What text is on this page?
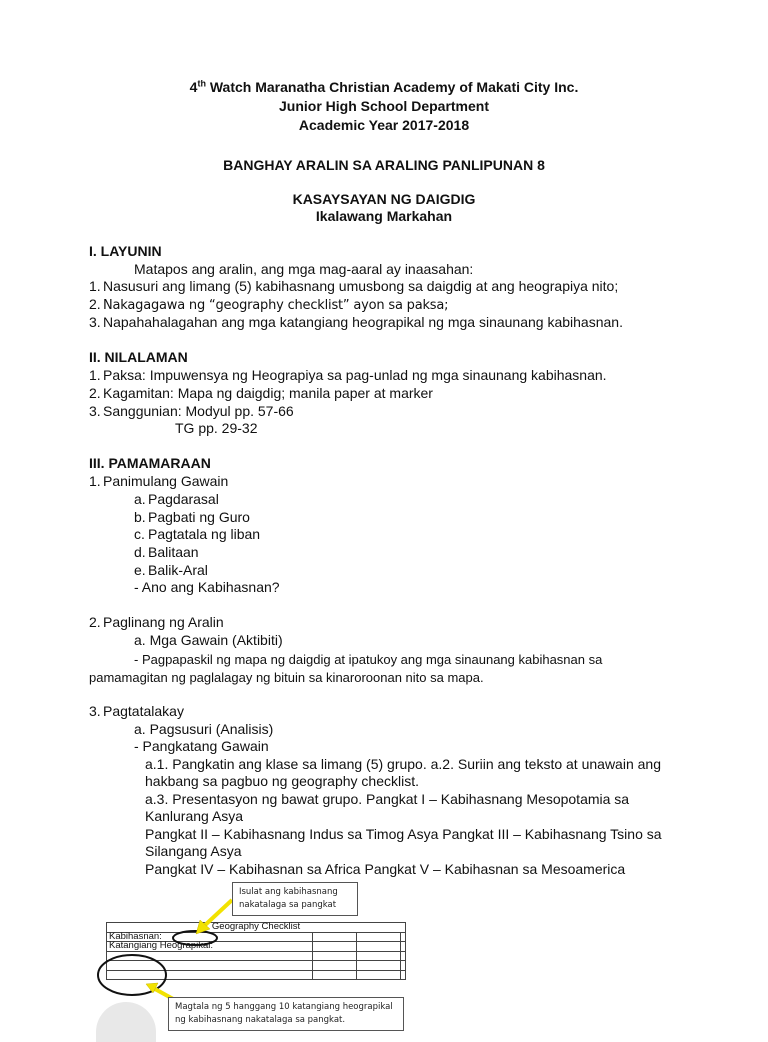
4th Watch Maranatha Christian Academy of Makati City Inc.
Junior High School Department
Academic Year 2017-2018
BANGHAY ARALIN SA ARALING PANLIPUNAN 8
KASAYSAYAN NG DAIGDIG
Ikalawang Markahan
I. LAYUNIN
Matapos ang aralin, ang mga mag-aaral ay inaasahan:
1. Nasusuri ang limang (5) kabihasnang umusbong sa daigdig at ang heograpiya nito;
2. Nakagagawa ng “geography checklist” ayon sa paksa;
3. Napahahalagahan ang mga katangiang heograpikal ng mga sinaunang kabihasnan.
II. NILALAMAN
1. Paksa: Impuwensya ng Heograpiya sa pag-unlad ng mga sinaunang kabihasnan.
2. Kagamitan: Mapa ng daigdig; manila paper at marker
3. Sanggunian: Modyul pp. 57-66
TG pp. 29-32
III. PAMAMARAAN
1. Panimulang Gawain
a. Pagdarasal
b. Pagbati ng Guro
c. Pagtatala ng liban
d. Balitaan
e. Balik-Aral
- Ano ang Kabihasnan?
2. Paglinang ng Aralin
a. Mga Gawain (Aktibiti)
- Pagpapaskil ng mapa ng daigdig at ipatukoy ang mga sinaunang kabihasnan sa
pamamagitan ng paglalagay ng bituin sa kinaroroonan nito sa mapa.
3. Pagtatalakay
a. Pagsusuri (Analisis)
- Pangkatang Gawain
a.1. Pangkatin ang klase sa limang (5) grupo. a.2. Suriin ang teksto at unawain ang
hakbang sa pagbuo ng geography checklist.
a.3. Presentasyon ng bawat grupo. Pangkat I – Kabihasnang Mesopotamia sa
Kanlurang Asya
Pangkat II – Kabihasnang Indus sa Timog Asya Pangkat III – Kabihasnang Tsino sa
Silangang Asya
Pangkat IV – Kabihasnan sa Africa Pangkat V – Kabihasnan sa Mesoamerica
Geography Checklist			
Kabihasnan:			
Katangiang Heograpikal:			

Isulat ang kabihasnang nakatalaga sa pangkat
Magtala ng 5 hanggang 10 katangiang heograpikal ng kabihasnang nakatalaga sa pangkat.
